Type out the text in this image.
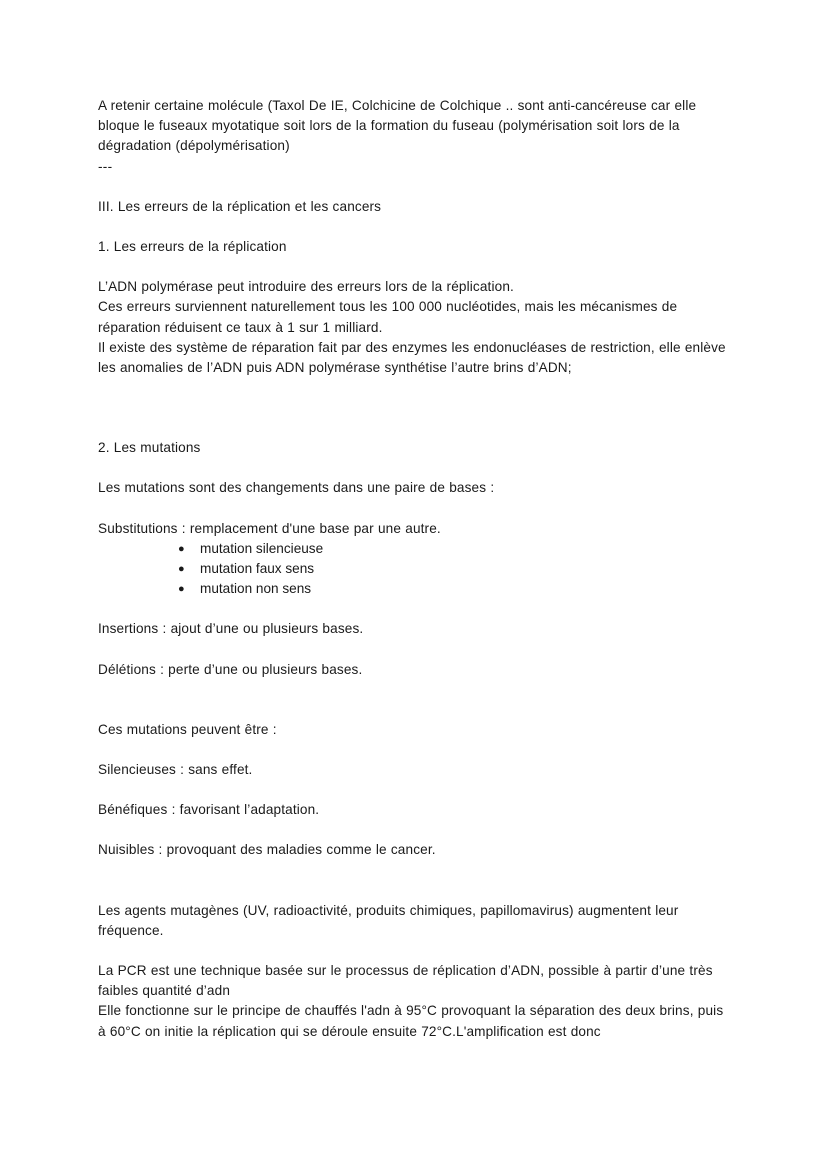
A retenir certaine molécule (Taxol De IE, Colchicine de Colchique .. sont anti-cancéreuse car elle bloque le fuseaux myotatique soit lors de la formation du fuseau (polymérisation soit lors de la dégradation (dépolymérisation)

---

III. Les erreurs de la réplication et les cancers

1. Les erreurs de la réplication

L’ADN polymérase peut introduire des erreurs lors de la réplication.

Ces erreurs surviennent naturellement tous les 100 000 nucléotides, mais les mécanismes de réparation réduisent ce taux à 1 sur 1 milliard.

Il existe des système de réparation fait par des enzymes les endonucléases de restriction, elle enlève les anomalies de l’ADN puis ADN polymérase synthétise l’autre brins d’ADN;

2. Les mutations

Les mutations sont des changements dans une paire de bases :

Substitutions : remplacement d'une base par une autre.

● mutation silencieuse
● mutation faux sens
● mutation non sens

Insertions : ajout d’une ou plusieurs bases.

Délétions : perte d’une ou plusieurs bases.

Ces mutations peuvent être :

Silencieuses : sans effet.

Bénéfiques : favorisant l’adaptation.

Nuisibles : provoquant des maladies comme le cancer.

Les agents mutagènes (UV, radioactivité, produits chimiques, papillomavirus) augmentent leur fréquence.

La PCR est une technique basée sur le processus de réplication d’ADN, possible à partir d’une très faibles quantité d’adn

Elle fonctionne sur le principe de chauffés l'adn à 95°C provoquant la séparation des deux brins, puis à 60°C on initie la réplication qui se déroule ensuite 72°C.L'amplification est donc
